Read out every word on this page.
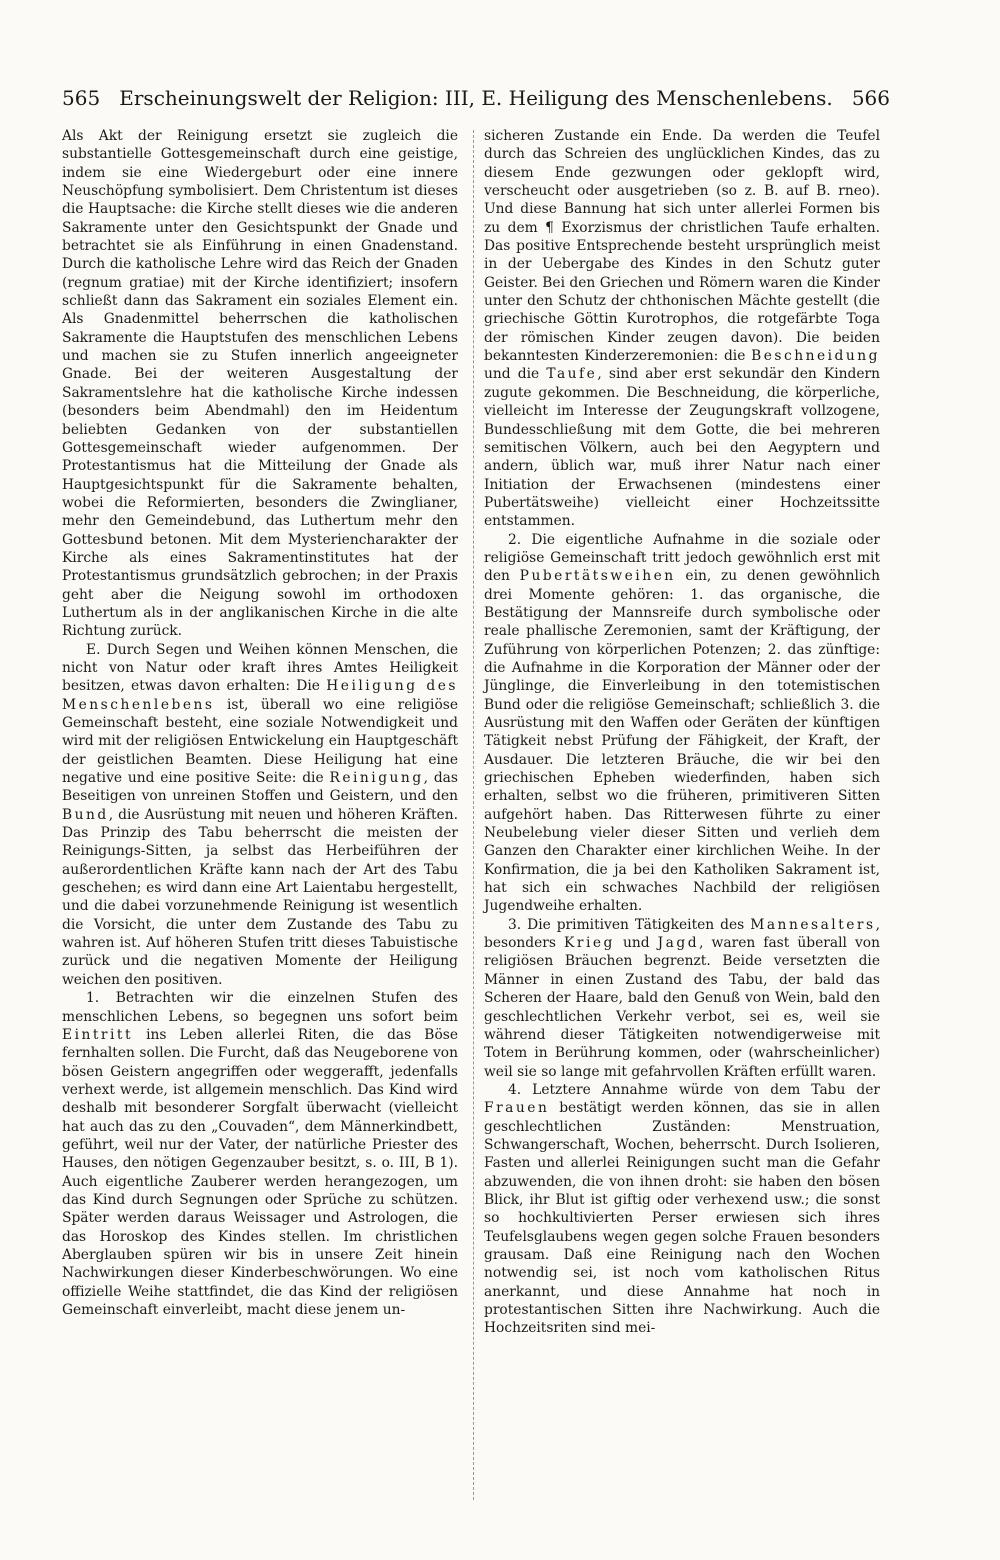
565 Erscheinungswelt der Religion: III, E. Heiligung des Menschenlebens. 566

Als Akt der Reinigung ersetzt sie zugleich die substantielle Gottesgemeinschaft durch eine geistige, indem sie eine Wiedergeburt oder eine innere Neuschöpfung symbolisiert. Dem Christentum ist dieses die Hauptsache: die Kirche stellt dieses wie die anderen Sakramente unter den Gesichtspunkt der Gnade und betrachtet sie als Einführung in einen Gnadenstand. Durch die katholische Lehre wird das Reich der Gnaden (regnum gratiae) mit der Kirche identifiziert; insofern schließt dann das Sakrament ein soziales Element ein. Als Gnadenmittel beherrschen die katholischen Sakramente die Hauptstufen des menschlichen Lebens und machen sie zu Stufen innerlich angeeigneter Gnade. Bei der weiteren Ausgestaltung der Sakramentslehre hat die katholische Kirche indessen (besonders beim Abendmahl) den im Heidentum beliebten Gedanken von der substantiellen Gottesgemeinschaft wieder aufgenommen. Der Protestantismus hat die Mitteilung der Gnade als Hauptgesichtspunkt für die Sakramente behalten, wobei die Reformierten, besonders die Zwinglianer, mehr den Gemeindebund, das Luthertum mehr den Gottesbund betonen. Mit dem Mysteriencharakter der Kirche als eines Sakramentinstitutes hat der Protestantismus grundsätzlich gebrochen; in der Praxis geht aber die Neigung sowohl im orthodoxen Luthertum als in der anglikanischen Kirche in die alte Richtung zurück.

E. Durch Segen und Weihen können Menschen, die nicht von Natur oder kraft ihres Amtes Heiligkeit besitzen, etwas davon erhalten: Die Heiligung des Menschenlebens ist, überall wo eine religiöse Gemeinschaft besteht, eine soziale Notwendigkeit und wird mit der religiösen Entwickelung ein Hauptgeschäft der geistlichen Beamten. Diese Heiligung hat eine negative und eine positive Seite: die Reinigung, das Beseitigen von unreinen Stoffen und Geistern, und den Bund, die Ausrüstung mit neuen und höheren Kräften. Das Prinzip des Tabu beherrscht die meisten der Reinigungs-Sitten, ja selbst das Herbeiführen der außerordentlichen Kräfte kann nach der Art des Tabu geschehen; es wird dann eine Art Laientabu hergestellt, und die dabei vorzunehmende Reinigung ist wesentlich die Vorsicht, die unter dem Zustande des Tabu zu wahren ist. Auf höheren Stufen tritt dieses Tabuistische zurück und die negativen Momente der Heiligung weichen den positiven.

1. Betrachten wir die einzelnen Stufen des menschlichen Lebens, so begegnen uns sofort beim Eintritt ins Leben allerlei Riten, die das Böse fernhalten sollen. Die Furcht, daß das Neugeborene von bösen Geistern angegriffen oder weggerafft, jedenfalls verhext werde, ist allgemein menschlich. Das Kind wird deshalb mit besonderer Sorgfalt überwacht (vielleicht hat auch das zu den „Couvaden“, dem Männerkindbett, geführt, weil nur der Vater, der natürliche Priester des Hauses, den nötigen Gegenzauber besitzt, s. o. III, B 1). Auch eigentliche Zauberer werden herangezogen, um das Kind durch Segnungen oder Sprüche zu schützen. Später werden daraus Weissager und Astrologen, die das Horoskop des Kindes stellen. Im christlichen Aberglauben spüren wir bis in unsere Zeit hinein Nachwirkungen dieser Kinderbeschwörungen. Wo eine offizielle Weihe stattfindet, die das Kind der religiösen Gemeinschaft einverleibt, macht diese jenem un-

sicheren Zustande ein Ende. Da werden die Teufel durch das Schreien des unglücklichen Kindes, das zu diesem Ende gezwungen oder geklopft wird, verscheucht oder ausgetrieben (so z. B. auf B. rneo). Und diese Bannung hat sich unter allerlei Formen bis zu dem ¶ Exorzismus der christlichen Taufe erhalten. Das positive Entsprechende besteht ursprünglich meist in der Uebergabe des Kindes in den Schutz guter Geister. Bei den Griechen und Römern waren die Kinder unter den Schutz der chthonischen Mächte gestellt (die griechische Göttin Kurotrophos, die rotgefärbte Toga der römischen Kinder zeugen davon). Die beiden bekanntesten Kinderzeremonien: die Beschneidung und die Taufe, sind aber erst sekundär den Kindern zugute gekommen. Die Beschneidung, die körperliche, vielleicht im Interesse der Zeugungskraft vollzogene, Bundesschließung mit dem Gotte, die bei mehreren semitischen Völkern, auch bei den Aegyptern und andern, üblich war, muß ihrer Natur nach einer Initiation der Erwachsenen (mindestens einer Pubertätsweihe) vielleicht einer Hochzeitssitte entstammen.

2. Die eigentliche Aufnahme in die soziale oder religiöse Gemeinschaft tritt jedoch gewöhnlich erst mit den Pubertätsweihen ein, zu denen gewöhnlich drei Momente gehören: 1. das organische, die Bestätigung der Mannsreife durch symbolische oder reale phallische Zeremonien, samt der Kräftigung, der Zuführung von körperlichen Potenzen; 2. das zünftige: die Aufnahme in die Korporation der Männer oder der Jünglinge, die Einverleibung in den totemistischen Bund oder die religiöse Gemeinschaft; schließlich 3. die Ausrüstung mit den Waffen oder Geräten der künftigen Tätigkeit nebst Prüfung der Fähigkeit, der Kraft, der Ausdauer. Die letzteren Bräuche, die wir bei den griechischen Epheben wiederfinden, haben sich erhalten, selbst wo die früheren, primitiveren Sitten aufgehört haben. Das Ritterwesen führte zu einer Neubelebung vieler dieser Sitten und verlieh dem Ganzen den Charakter einer kirchlichen Weihe. In der Konfirmation, die ja bei den Katholiken Sakrament ist, hat sich ein schwaches Nachbild der religiösen Jugendweihe erhalten.

3. Die primitiven Tätigkeiten des Mannesalters, besonders Krieg und Jagd, waren fast überall von religiösen Bräuchen begrenzt. Beide versetzten die Männer in einen Zustand des Tabu, der bald das Scheren der Haare, bald den Genuß von Wein, bald den geschlechtlichen Verkehr verbot, sei es, weil sie während dieser Tätigkeiten notwendigerweise mit Totem in Berührung kommen, oder (wahrscheinlicher) weil sie so lange mit gefahrvollen Kräften erfüllt waren.

4. Letztere Annahme würde von dem Tabu der Frauen bestätigt werden können, das sie in allen geschlechtlichen Zuständen: Menstruation, Schwangerschaft, Wochen, beherrscht. Durch Isolieren, Fasten und allerlei Reinigungen sucht man die Gefahr abzuwenden, die von ihnen droht: sie haben den bösen Blick, ihr Blut ist giftig oder verhexend usw.; die sonst so hochkultivierten Perser erwiesen sich ihres Teufelsglaubens wegen gegen solche Frauen besonders grausam. Daß eine Reinigung nach den Wochen notwendig sei, ist noch vom katholischen Ritus anerkannt, und diese Annahme hat noch in protestantischen Sitten ihre Nachwirkung. Auch die Hochzeitsriten sind mei-
